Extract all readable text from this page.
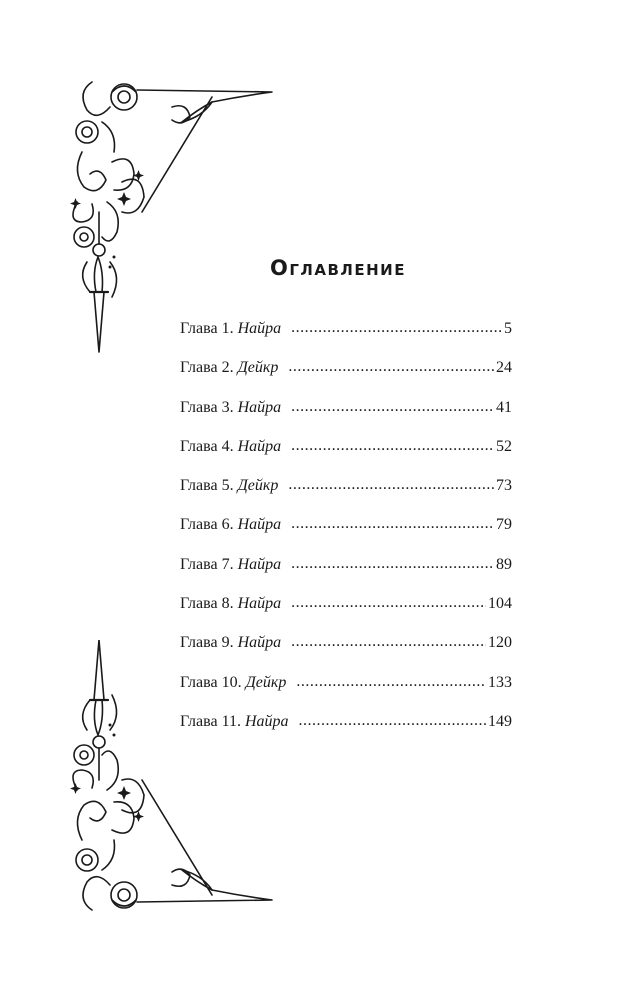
Оглавление
Глава 1. Найра .....	5
Глава 2. Дейкр .....	24
Глава 3. Найра .....	41
Глава 4. Найра .....	52
Глава 5. Дейкр .....	73
Глава 6. Найра .....	79
Глава 7. Найра .....	89
Глава 8. Найра .....	104
Глава 9. Найра .....	120
Глава 10. Дейкр .....	133
Глава 11. Найра .....	149
